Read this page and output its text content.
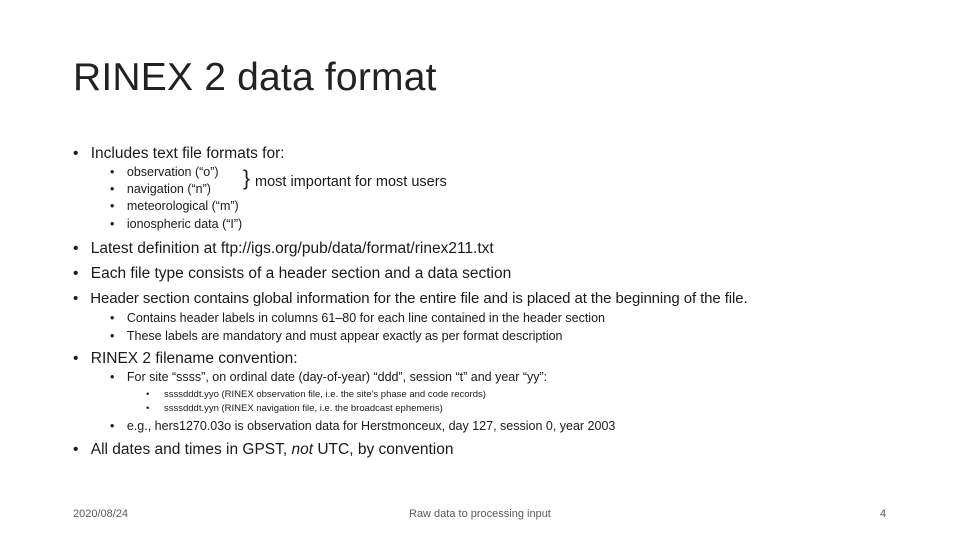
RINEX 2 data format
• Includes text file formats for:
• observation (“o”)
• navigation (“n”)
• meteorological (“m”)
• ionospheric data (“I”)
} most important for most users
• Latest definition at ftp://igs.org/pub/data/format/rinex211.txt
• Each file type consists of a header section and a data section
• Header section contains global information for the entire file and is placed at the beginning of the file.
• Contains header labels in columns 61–80 for each line contained in the header section
• These labels are mandatory and must appear exactly as per format description
• RINEX 2 filename convention:
• For site “ssss”, on ordinal date (day-of-year) “ddd”, session “t” and year “yy”:
• ssssdddt.yyo (RINEX observation file, i.e. the site’s phase and code records)
• ssssdddt.yyn (RINEX navigation file, i.e. the broadcast ephemeris)
• e.g., hers1270.03o is observation data for Herstmonceux, day 127, session 0, year 2003
• All dates and times in GPST, not UTC, by convention
2020/08/24	Raw data to processing input	4
